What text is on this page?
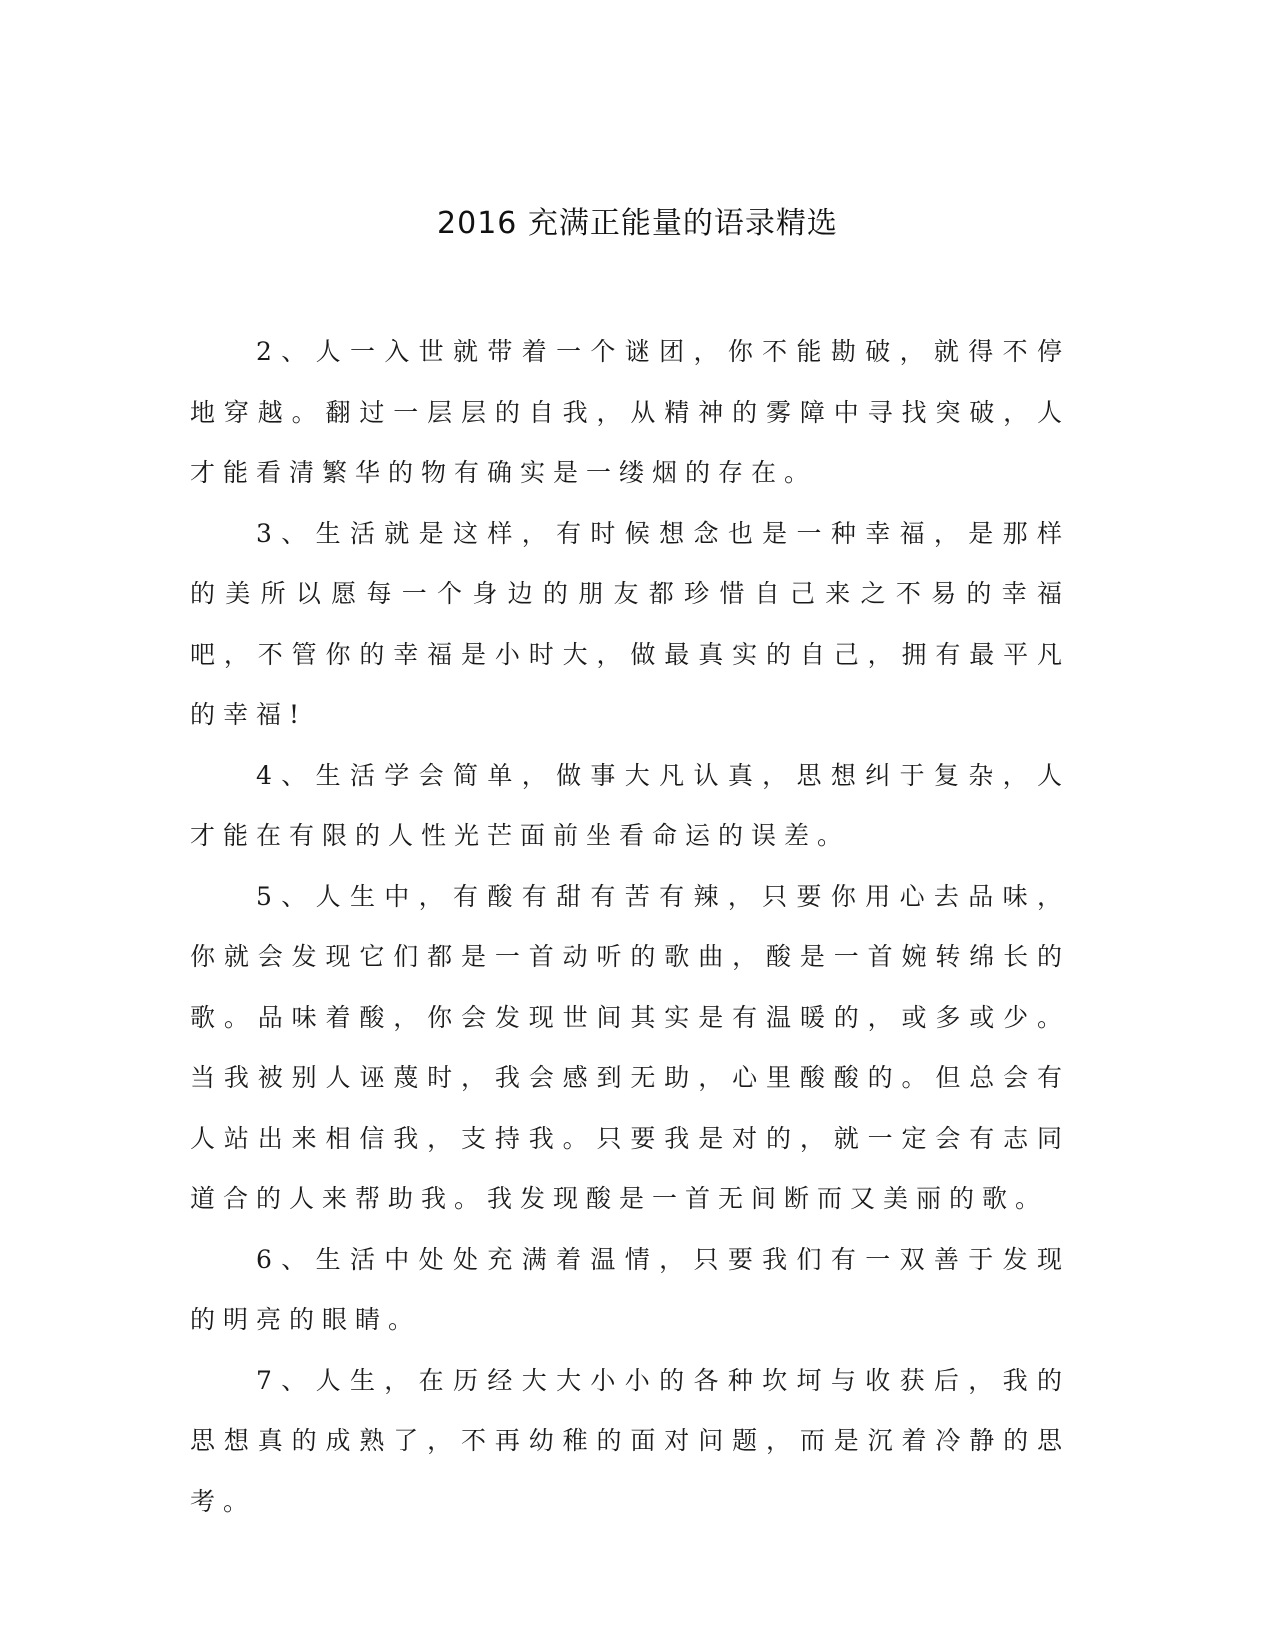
2016 充满正能量的语录精选

2、人一入世就带着一个谜团，你不能勘破，就得不停地穿越。翻过一层层的自我，从精神的雾障中寻找突破，人才能看清繁华的物有确实是一缕烟的存在。

3、生活就是这样，有时候想念也是一种幸福，是那样的美所以愿每一个身边的朋友都珍惜自己来之不易的幸福吧，不管你的幸福是小时大，做最真实的自己，拥有最平凡的幸福!

4、生活学会简单，做事大凡认真，思想纠于复杂，人才能在有限的人性光芒面前坐看命运的误差。

5、人生中，有酸有甜有苦有辣，只要你用心去品味，你就会发现它们都是一首动听的歌曲，酸是一首婉转绵长的歌。品味着酸，你会发现世间其实是有温暖的，或多或少。当我被别人诬蔑时，我会感到无助，心里酸酸的。但总会有人站出来相信我，支持我。只要我是对的，就一定会有志同道合的人来帮助我。我发现酸是一首无间断而又美丽的歌。

6、生活中处处充满着温情，只要我们有一双善于发现的明亮的眼睛。

7、人生，在历经大大小小的各种坎坷与收获后，我的思想真的成熟了，不再幼稚的面对问题，而是沉着冷静的思考。
